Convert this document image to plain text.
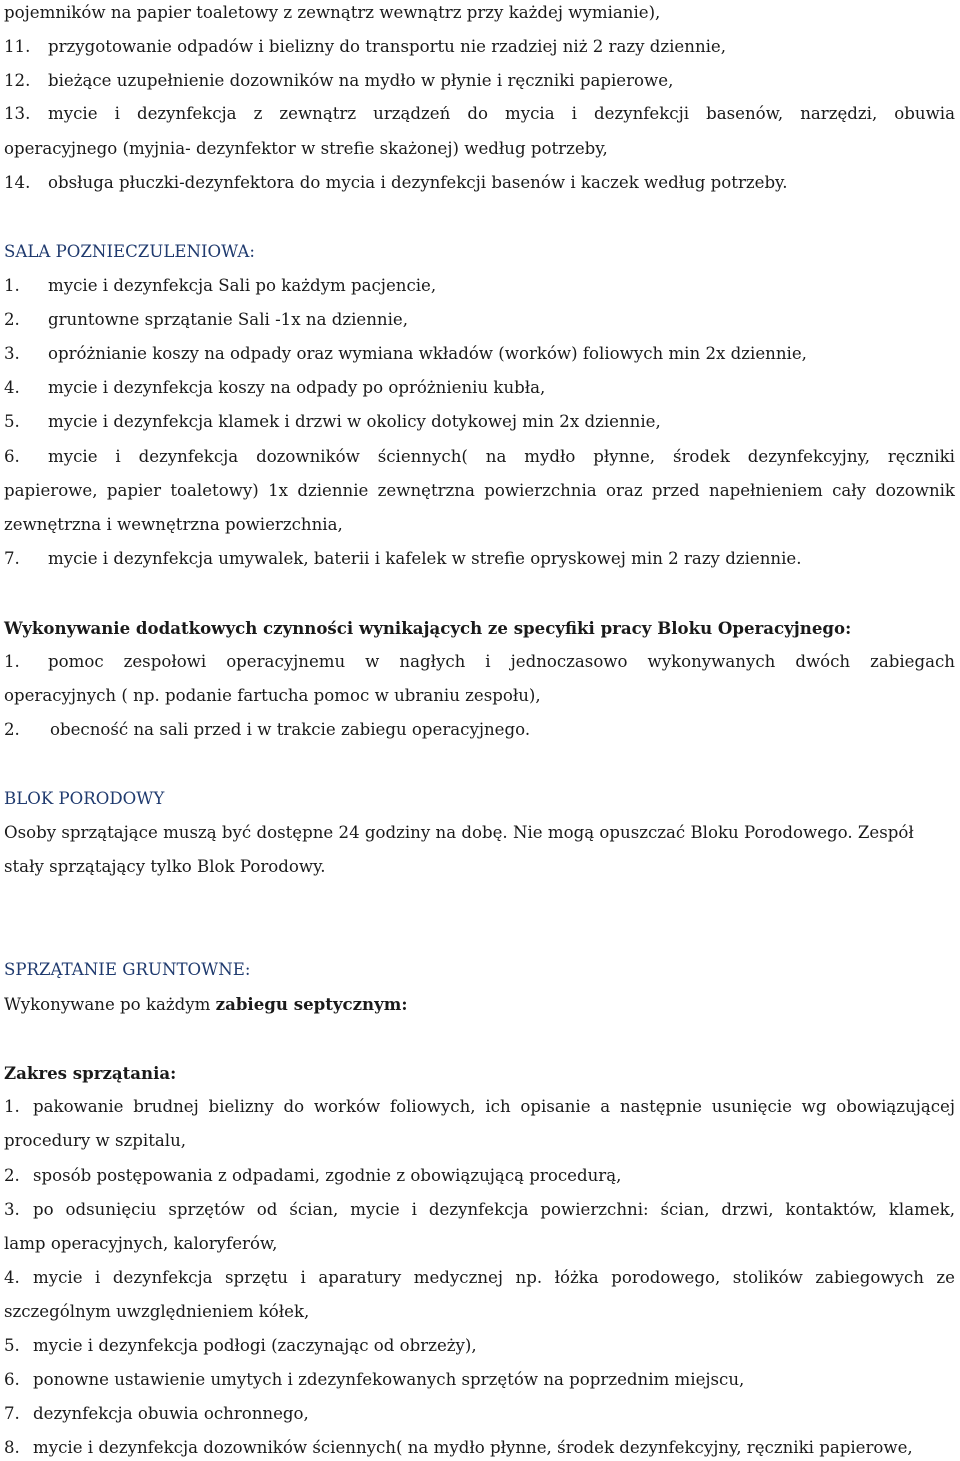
pojemników na papier toaletowy z zewnątrz wewnątrz przy każdej wymianie),
11. przygotowanie odpadów i bielizny do transportu nie rzadziej niż 2 razy dziennie,
12. bieżące uzupełnienie dozowników na mydło w płynie i ręczniki papierowe,
13. mycie i dezynfekcja z zewnątrz urządzeń do mycia i dezynfekcji basenów, narzędzi, obuwia
operacyjnego (myjnia- dezynfektor w strefie skażonej) według potrzeby,
14. obsługa płuczki-dezynfektora do mycia i dezynfekcji basenów i kaczek według potrzeby.
SALA POZNIECZULENIOWA:
1. mycie i dezynfekcja Sali po każdym pacjencie,
2. gruntowne sprzątanie Sali -1x na dziennie,
3. opróżnianie koszy na odpady oraz wymiana wkładów (worków) foliowych min 2x dziennie,
4. mycie i dezynfekcja koszy na odpady po opróżnieniu kubła,
5. mycie i dezynfekcja klamek i drzwi w okolicy dotykowej min 2x dziennie,
6. mycie i dezynfekcja dozowników ściennych( na mydło płynne, środek dezynfekcyjny, ręczniki
papierowe, papier toaletowy) 1x dziennie zewnętrzna powierzchnia oraz przed napełnieniem cały dozownik
zewnętrzna i wewnętrzna powierzchnia,
7. mycie i dezynfekcja umywalek, baterii i kafelek w strefie opryskowej min 2 razy dziennie.
Wykonywanie dodatkowych czynności wynikających ze specyfiki pracy Bloku Operacyjnego:
1. pomoc zespołowi operacyjnemu w nagłych i jednoczasowo wykonywanych dwóch zabiegach
operacyjnych ( np. podanie fartucha pomoc w ubraniu zespołu),
2. obecność na sali przed i w trakcie zabiegu operacyjnego.
BLOK PORODOWY
Osoby sprzątające muszą być dostępne 24 godziny na dobę. Nie mogą opuszczać Bloku Porodowego. Zespół
stały sprzątający tylko Blok Porodowy.
SPRZĄTANIE GRUNTOWNE:
Wykonywane po każdym zabiegu septycznym:
Zakres sprzątania:
1. pakowanie brudnej bielizny do worków foliowych, ich opisanie a następnie usunięcie wg obowiązującej
procedury w szpitalu,
2. sposób postępowania z odpadami, zgodnie z obowiązującą procedurą,
3. po odsunięciu sprzętów od ścian, mycie i dezynfekcja powierzchni: ścian, drzwi, kontaktów, klamek,
lamp operacyjnych, kaloryferów,
4. mycie i dezynfekcja sprzętu i aparatury medycznej np. łóżka porodowego, stolików zabiegowych ze
szczególnym uwzględnieniem kółek,
5. mycie i dezynfekcja podłogi (zaczynając od obrzeży),
6. ponowne ustawienie umytych i zdezynfekowanych sprzętów na poprzednim miejscu,
7. dezynfekcja obuwia ochronnego,
8. mycie i dezynfekcja dozowników ściennych( na mydło płynne, środek dezynfekcyjny, ręczniki papierowe,
